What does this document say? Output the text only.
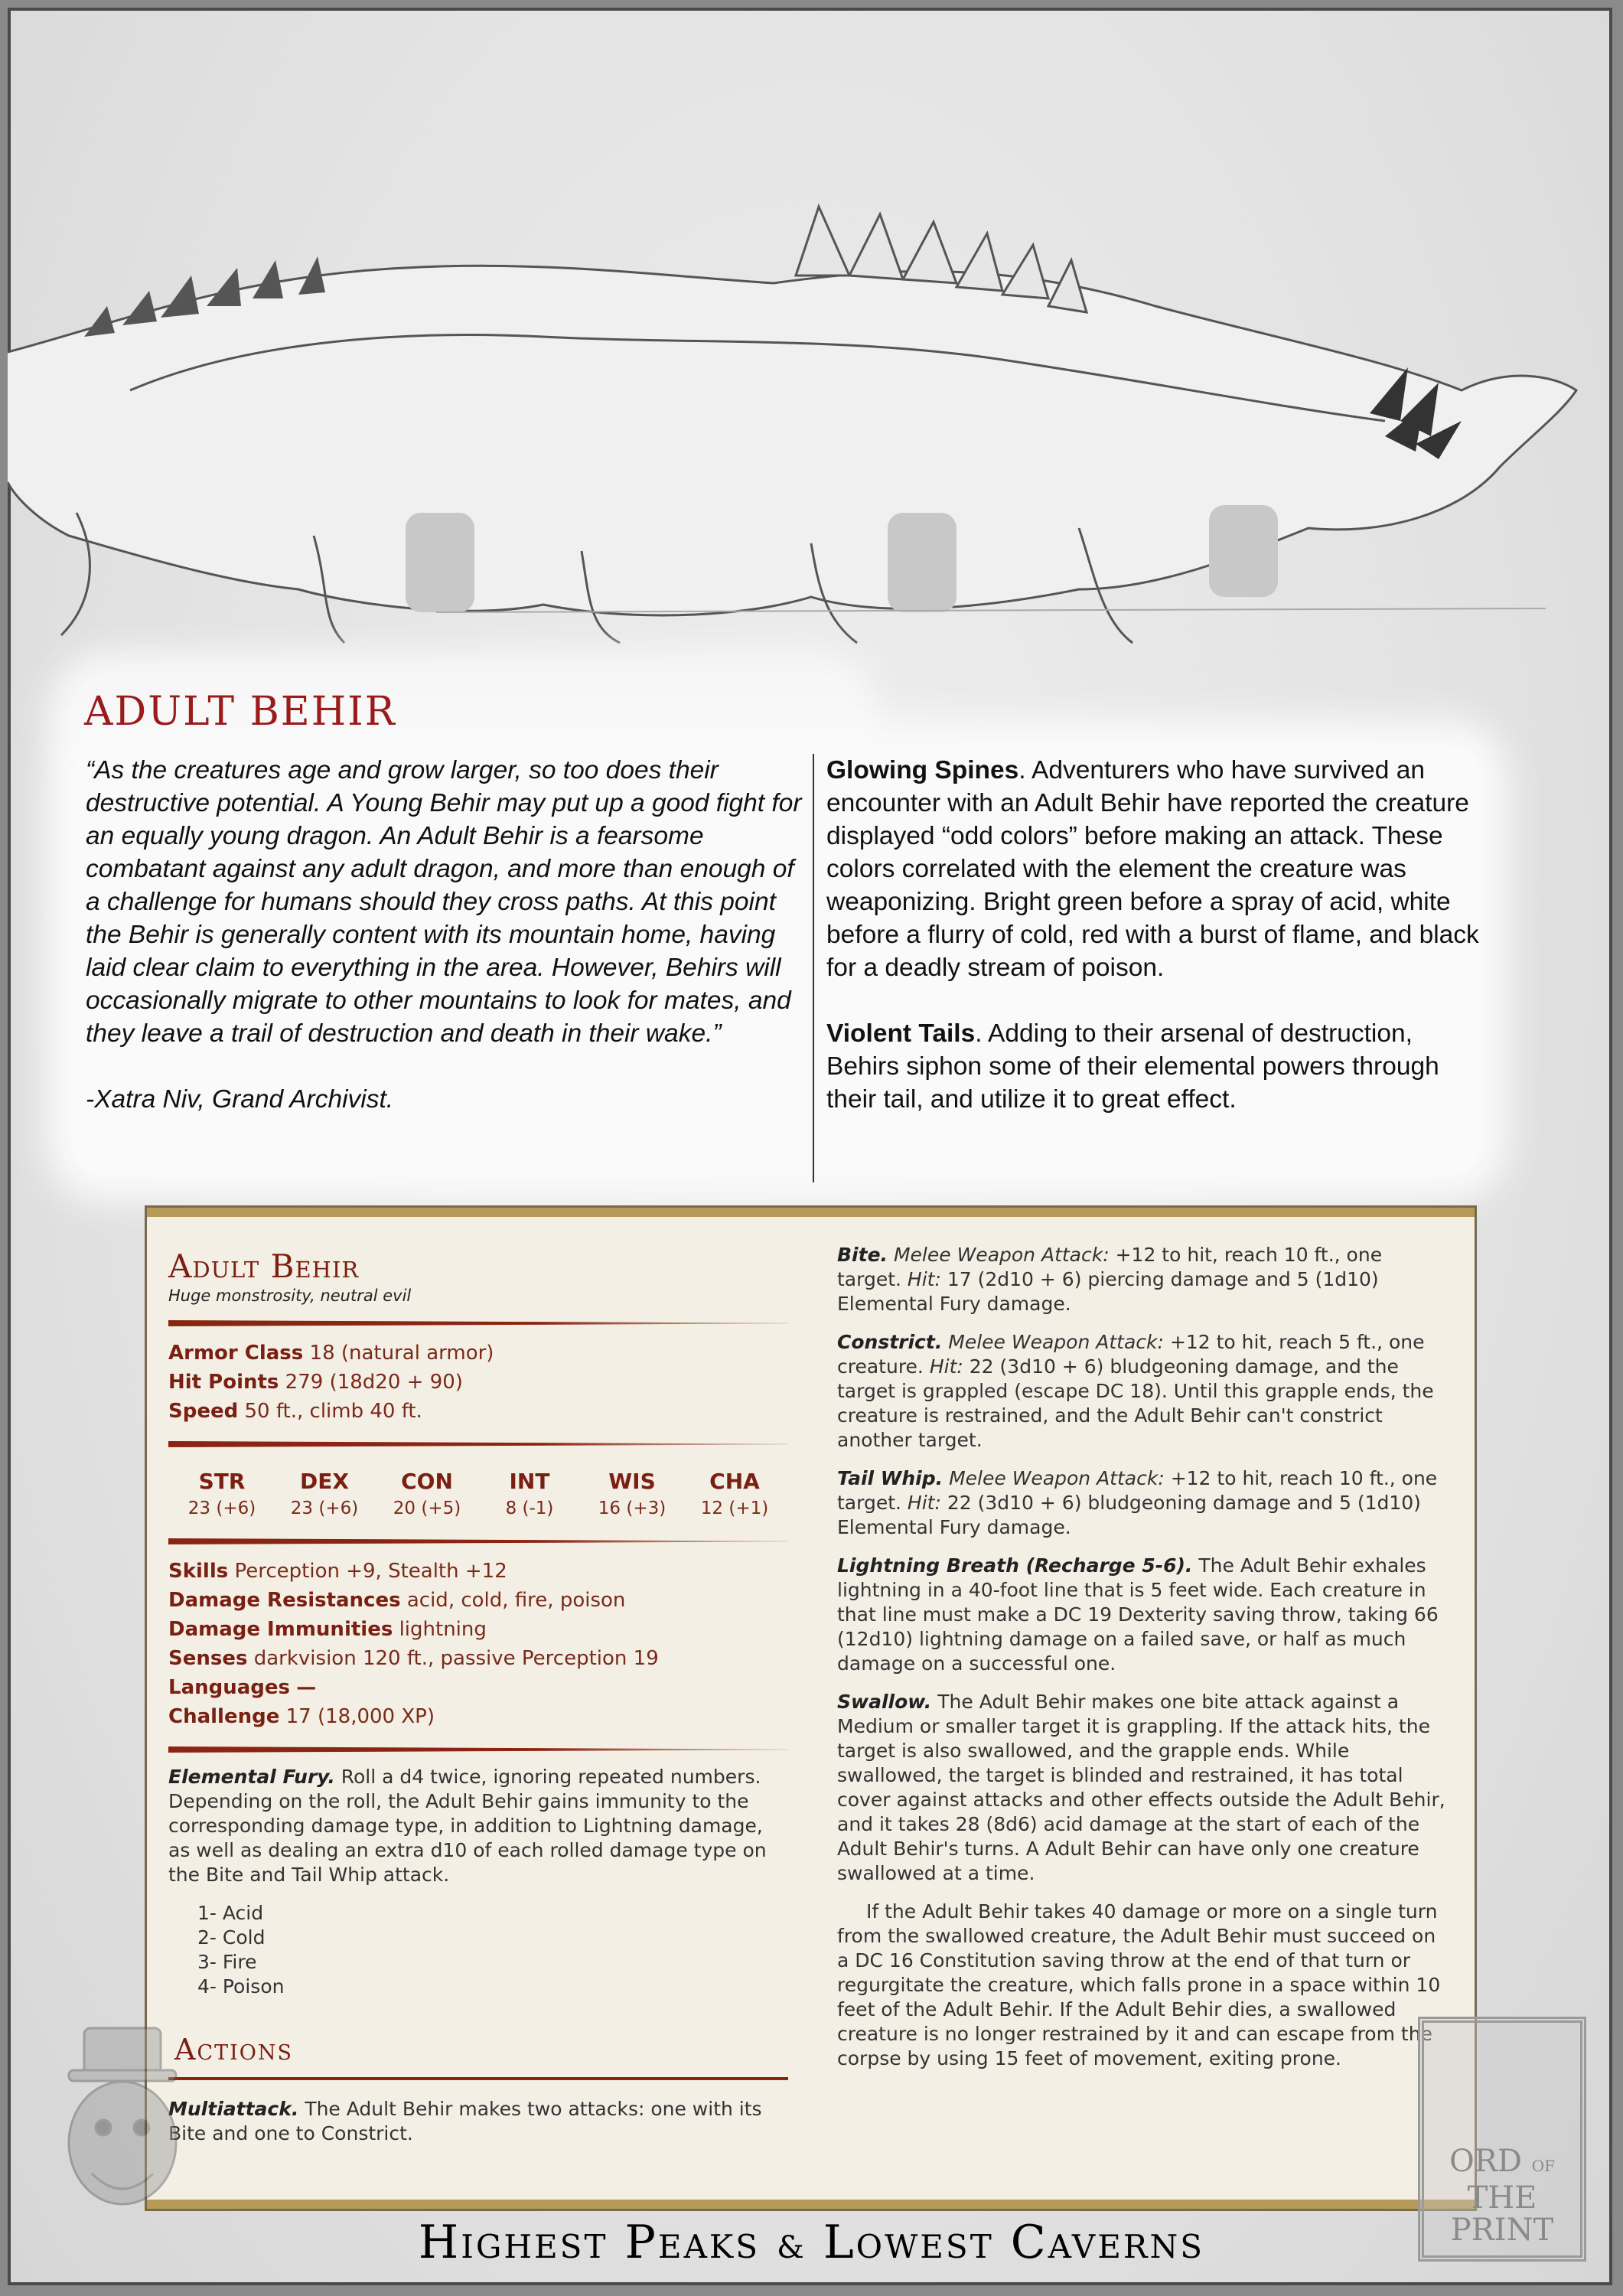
ADULT BEHIR

“As the creatures age and grow larger, so too does their destructive potential. A Young Behir may put up a good fight for an equally young dragon. An Adult Behir is a fearsome combatant against any adult dragon, and more than enough of a challenge for humans should they cross paths. At this point the Behir is generally content with its mountain home, having laid clear claim to everything in the area. However, Behirs will occasionally migrate to other mountains to look for mates, and they leave a trail of destruction and death in their wake.”

-Xatra Niv, Grand Archivist.

Glowing Spines. Adventurers who have survived an encounter with an Adult Behir have reported the creature displayed “odd colors” before making an attack. These colors correlated with the element the creature was weaponizing. Bright green before a spray of acid, white before a flurry of cold, red with a burst of flame, and black for a deadly stream of poison.

Violent Tails. Adding to their arsenal of destruction, Behirs siphon some of their elemental powers through their tail, and utilize it to great effect.

Adult Behir
Huge monstrosity, neutral evil
Armor Class 18 (natural armor)
Hit Points 279 (18d20 + 90)
Speed 50 ft., climb 40 ft.
STR
23 (+6)
DEX
23 (+6)
CON
20 (+5)
INT
8 (-1)
WIS
16 (+3)
CHA
12 (+1)
Skills Perception +9, Stealth +12
Damage Resistances acid, cold, fire, poison
Damage Immunities lightning
Senses darkvision 120 ft., passive Perception 19
Languages —
Challenge 17 (18,000 XP)

Elemental Fury. Roll a d4 twice, ignoring repeated numbers. Depending on the roll, the Adult Behir gains immunity to the corresponding damage type, in addition to Lightning damage, as well as dealing an extra d10 of each rolled damage type on the Bite and Tail Whip attack.

1- Acid
2- Cold
3- Fire
4- Poison
Actions

Multiattack. The Adult Behir makes two attacks: one with its Bite and one to Constrict.

Bite. Melee Weapon Attack: +12 to hit, reach 10 ft., one target. Hit: 17 (2d10 + 6) piercing damage and 5 (1d10) Elemental Fury damage.

Constrict. Melee Weapon Attack: +12 to hit, reach 5 ft., one creature. Hit: 22 (3d10 + 6) bludgeoning damage, and the target is grappled (escape DC 18). Until this grapple ends, the creature is restrained, and the Adult Behir can't constrict another target.

Tail Whip. Melee Weapon Attack: +12 to hit, reach 10 ft., one target. Hit: 22 (3d10 + 6) bludgeoning damage and 5 (1d10) Elemental Fury damage.

Lightning Breath (Recharge 5-6). The Adult Behir exhales lightning in a 40-foot line that is 5 feet wide. Each creature in that line must make a DC 19 Dexterity saving throw, taking 66 (12d10) lightning damage on a failed save, or half as much damage on a successful one.

Swallow. The Adult Behir makes one bite attack against a Medium or smaller target it is grappling. If the attack hits, the target is also swallowed, and the grapple ends. While swallowed, the target is blinded and restrained, it has total cover against attacks and other effects outside the Adult Behir, and it takes 28 (8d6) acid damage at the start of each of the Adult Behir's turns. A Adult Behir can have only one creature swallowed at a time.

If the Adult Behir takes 40 damage or more on a single turn from the swallowed creature, the Adult Behir must succeed on a DC 16 Constitution saving throw at the end of that turn or regurgitate the creature, which falls prone in a space within 10 feet of the Adult Behir. If the Adult Behir dies, a swallowed creature is no longer restrained by it and can escape from the corpse by using 15 feet of movement, exiting prone.

ORD OF
THE PRINT
Highest Peaks & Lowest Caverns
